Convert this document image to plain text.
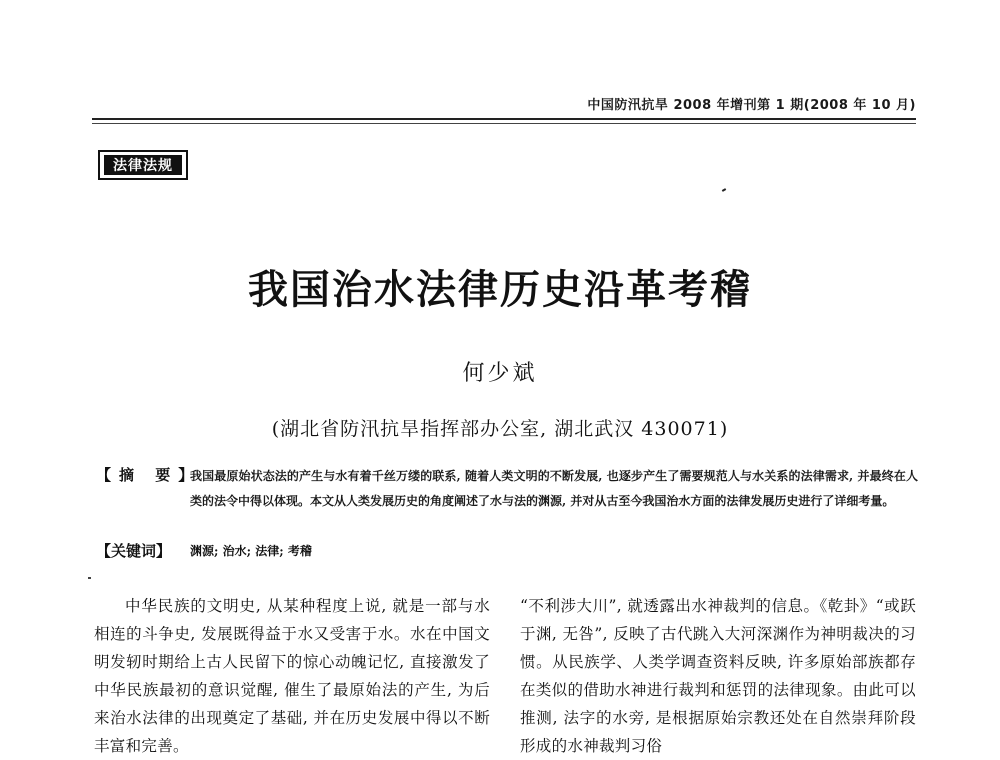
中国防汛抗旱 2008 年增刊第 1 期(2008 年 10 月)
法律法规
我国治水法律历史沿革考稽
何少斌
(湖北省防汛抗旱指挥部办公室, 湖北武汉 430071)
【摘 要】
我国最原始状态法的产生与水有着千丝万缕的联系, 随着人类文明的不断发展, 也逐步产生了需要规范人与水关系的法律需求, 并最终在人类的法令中得以体现。本文从人类发展历史的角度阐述了水与法的渊源, 并对从古至今我国治水方面的法律发展历史进行了详细考量。
【关键词】 渊源; 治水; 法律; 考稽
中华民族的文明史, 从某种程度上说, 就是一部与水相连的斗争史, 发展既得益于水又受害于水。水在中国文明发轫时期给上古人民留下的惊心动魄记忆, 直接激发了中华民族最初的意识觉醒, 催生了最原始法的产生, 为后来治水法律的出现奠定了基础, 并在历史发展中得以不断丰富和完善。
“不利涉大川”, 就透露出水神裁判的信息。《乾卦》“或跃于渊, 无咎”, 反映了古代跳入大河深渊作为神明裁决的习惯。从民族学、人类学调查资料反映, 许多原始部族都存在类似的借助水神进行裁判和惩罚的法律现象。由此可以推测, 法字的水旁, 是根据原始宗教还处在自然崇拜阶段形成的水神裁判习俗
